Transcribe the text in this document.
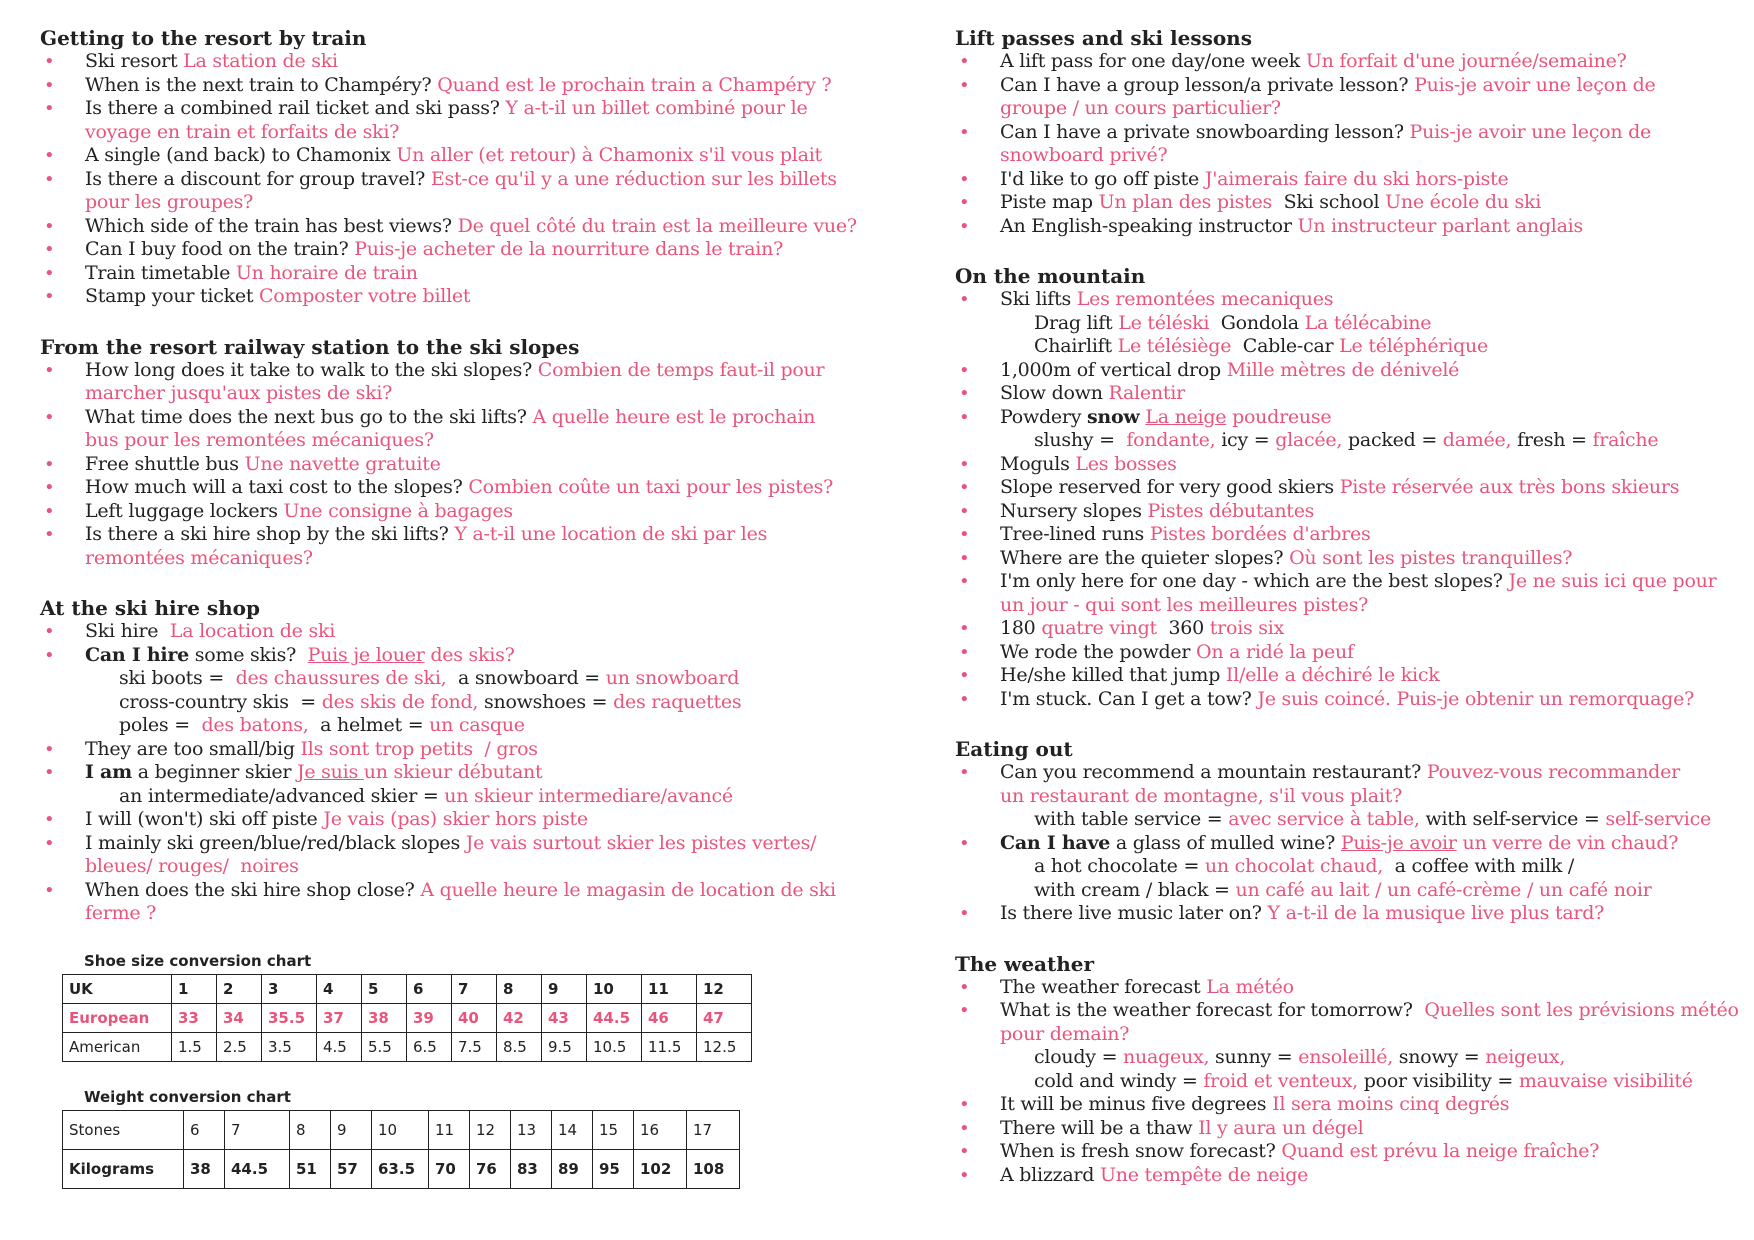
Getting to the resort by train
• Ski resort La station de ski
• When is the next train to Champéry? Quand est le prochain train a Champéry ?
• Is there a combined rail ticket and ski pass? Y a-t-il un billet combiné pour le
voyage en train et forfaits de ski?
• A single (and back) to Chamonix Un aller (et retour) à Chamonix s'il vous plait
• Is there a discount for group travel? Est-ce qu'il y a une réduction sur les billets
pour les groupes?
• Which side of the train has best views? De quel côté du train est la meilleure vue?
• Can I buy food on the train? Puis-je acheter de la nourriture dans le train?
• Train timetable Un horaire de train
• Stamp your ticket Composter votre billet
From the resort railway station to the ski slopes
• How long does it take to walk to the ski slopes? Combien de temps faut-il pour
marcher jusqu'aux pistes de ski?
• What time does the next bus go to the ski lifts? A quelle heure est le prochain
bus pour les remontées mécaniques?
• Free shuttle bus Une navette gratuite
• How much will a taxi cost to the slopes? Combien coûte un taxi pour les pistes?
• Left luggage lockers Une consigne à bagages
• Is there a ski hire shop by the ski lifts? Y a-t-il une location de ski par les
remontées mécaniques?
At the ski hire shop
• Ski hire  La location de ski
• Can I hire some skis?  Puis je louer des skis?
ski boots =  des chaussures de ski,  a snowboard = un snowboard
cross-country skis  = des skis de fond, snowshoes = des raquettes
poles =  des batons,  a helmet = un casque
• They are too small/big Ils sont trop petits  / gros
• I am a beginner skier Je suis un skieur débutant
an intermediate/advanced skier = un skieur intermediare/avancé
• I will (won't) ski off piste Je vais (pas) skier hors piste
• I mainly ski green/blue/red/black slopes Je vais surtout skier les pistes vertes/
bleues/ rouges/  noires
• When does the ski hire shop close? A quelle heure le magasin de location de ski ferme ?
Shoe size conversion chart
UK	1	2	3	4	5	6	7	8	9	10	11	12
European	33	34	35.5	37	38	39	40	42	43	44.5	46	47
American	1.5	2.5	3.5	4.5	5.5	6.5	7.5	8.5	9.5	10.5	11.5	12.5
Weight conversion chart
Stones	6	7	8	9	10	11	12	13	14	15	16	17
Kilograms	38	44.5	51	57	63.5	70	76	83	89	95	102	108
Lift passes and ski lessons
• A lift pass for one day/one week Un forfait d'une journée/semaine?
• Can I have a group lesson/a private lesson? Puis-je avoir une leçon de
groupe / un cours particulier?
• Can I have a private snowboarding lesson? Puis-je avoir une leçon de
snowboard privé?
• I'd like to go off piste J'aimerais faire du ski hors-piste
• Piste map Un plan des pistes  Ski school Une école du ski
• An English-speaking instructor Un instructeur parlant anglais
On the mountain
• Ski lifts Les remontées mecaniques
Drag lift Le téléski  Gondola La télécabine
Chairlift Le télésiège  Cable-car Le téléphérique
• 1,000m of vertical drop Mille mètres de dénivelé
• Slow down Ralentir
• Powdery snow La neige poudreuse
slushy =  fondante, icy = glacée, packed = damée, fresh = fraîche
• Moguls Les bosses
• Slope reserved for very good skiers Piste réservée aux très bons skieurs
• Nursery slopes Pistes débutantes
• Tree-lined runs Pistes bordées d'arbres
• Where are the quieter slopes? Où sont les pistes tranquilles?
• I'm only here for one day - which are the best slopes? Je ne suis ici que pour
un jour - qui sont les meilleures pistes?
• 180 quatre vingt  360 trois six
• We rode the powder On a ridé la peuf
• He/she killed that jump Il/elle a déchiré le kick
• I'm stuck. Can I get a tow? Je suis coincé. Puis-je obtenir un remorquage?
Eating out
• Can you recommend a mountain restaurant? Pouvez-vous recommander
un restaurant de montagne, s'il vous plait?
with table service = avec service à table, with self-service = self-service
• Can I have a glass of mulled wine? Puis-je avoir un verre de vin chaud?
a hot chocolate = un chocolat chaud,  a coffee with milk /
with cream / black = un café au lait / un café-crème / un café noir
• Is there live music later on? Y a-t-il de la musique live plus tard?
The weather
• The weather forecast La météo
• What is the weather forecast for tomorrow?  Quelles sont les prévisions météo
pour demain?
cloudy = nuageux, sunny = ensoleillé, snowy = neigeux,
cold and windy = froid et venteux, poor visibility = mauvaise visibilité
• It will be minus five degrees Il sera moins cinq degrés
• There will be a thaw Il y aura un dégel
• When is fresh snow forecast? Quand est prévu la neige fraîche?
• A blizzard Une tempête de neige
